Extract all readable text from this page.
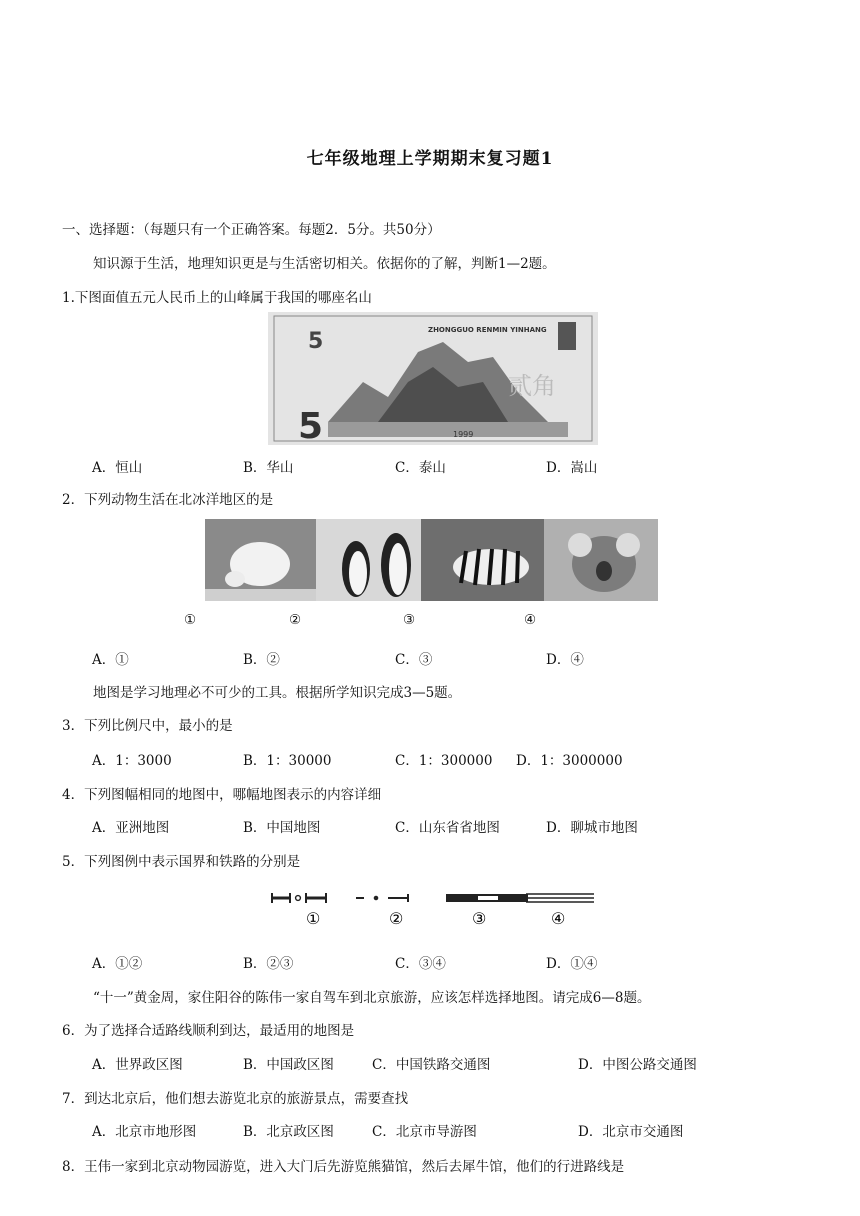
七年级地理上学期期末复习题1
一、选择题：（每题只有一个正确答案。每题2．5分。共50分）
知识源于生活，地理知识更是与生活密切相关。依据你的了解，判断1—2题。
1.下图面值五元人民币上的山峰属于我国的哪座名山
5
5
ZHONGGUO RENMIN YINHANG
贰角
1999
A．恒山	B．华山	C．泰山	D．嵩山
2．下列动物生活在北冰洋地区的是
①	②	③	④
A．①	B．②	C．③	D．④
地图是学习地理必不可少的工具。根据所学知识完成3—5题。
3．下列比例尺中，最小的是
A．1：3000	B．1：30000	C．1：300000 D．1：3000000
4．下列图幅相同的地图中，哪幅地图表示的内容详细
A．亚洲地图	B．中国地图	C．山东省省地图	D．聊城市地图
5．下列图例中表示国界和铁路的分别是
①	②	③	④
A．①②	B．②③	C．③④	D．①④
“十一”黄金周，家住阳谷的陈伟一家自驾车到北京旅游，应该怎样选择地图。请完成6—8题。
6．为了选择合适路线顺利到达，最适用的地图是
A．世界政区图	B．中国政区图	C．中国铁路交通图	D．中图公路交通图
7．到达北京后，他们想去游览北京的旅游景点，需要查找
A．北京市地形图	B．北京政区图	C．北京市导游图	D．北京市交通图
8．王伟一家到北京动物园游览，进入大门后先游览熊猫馆，然后去犀牛馆，他们的行进路线是
